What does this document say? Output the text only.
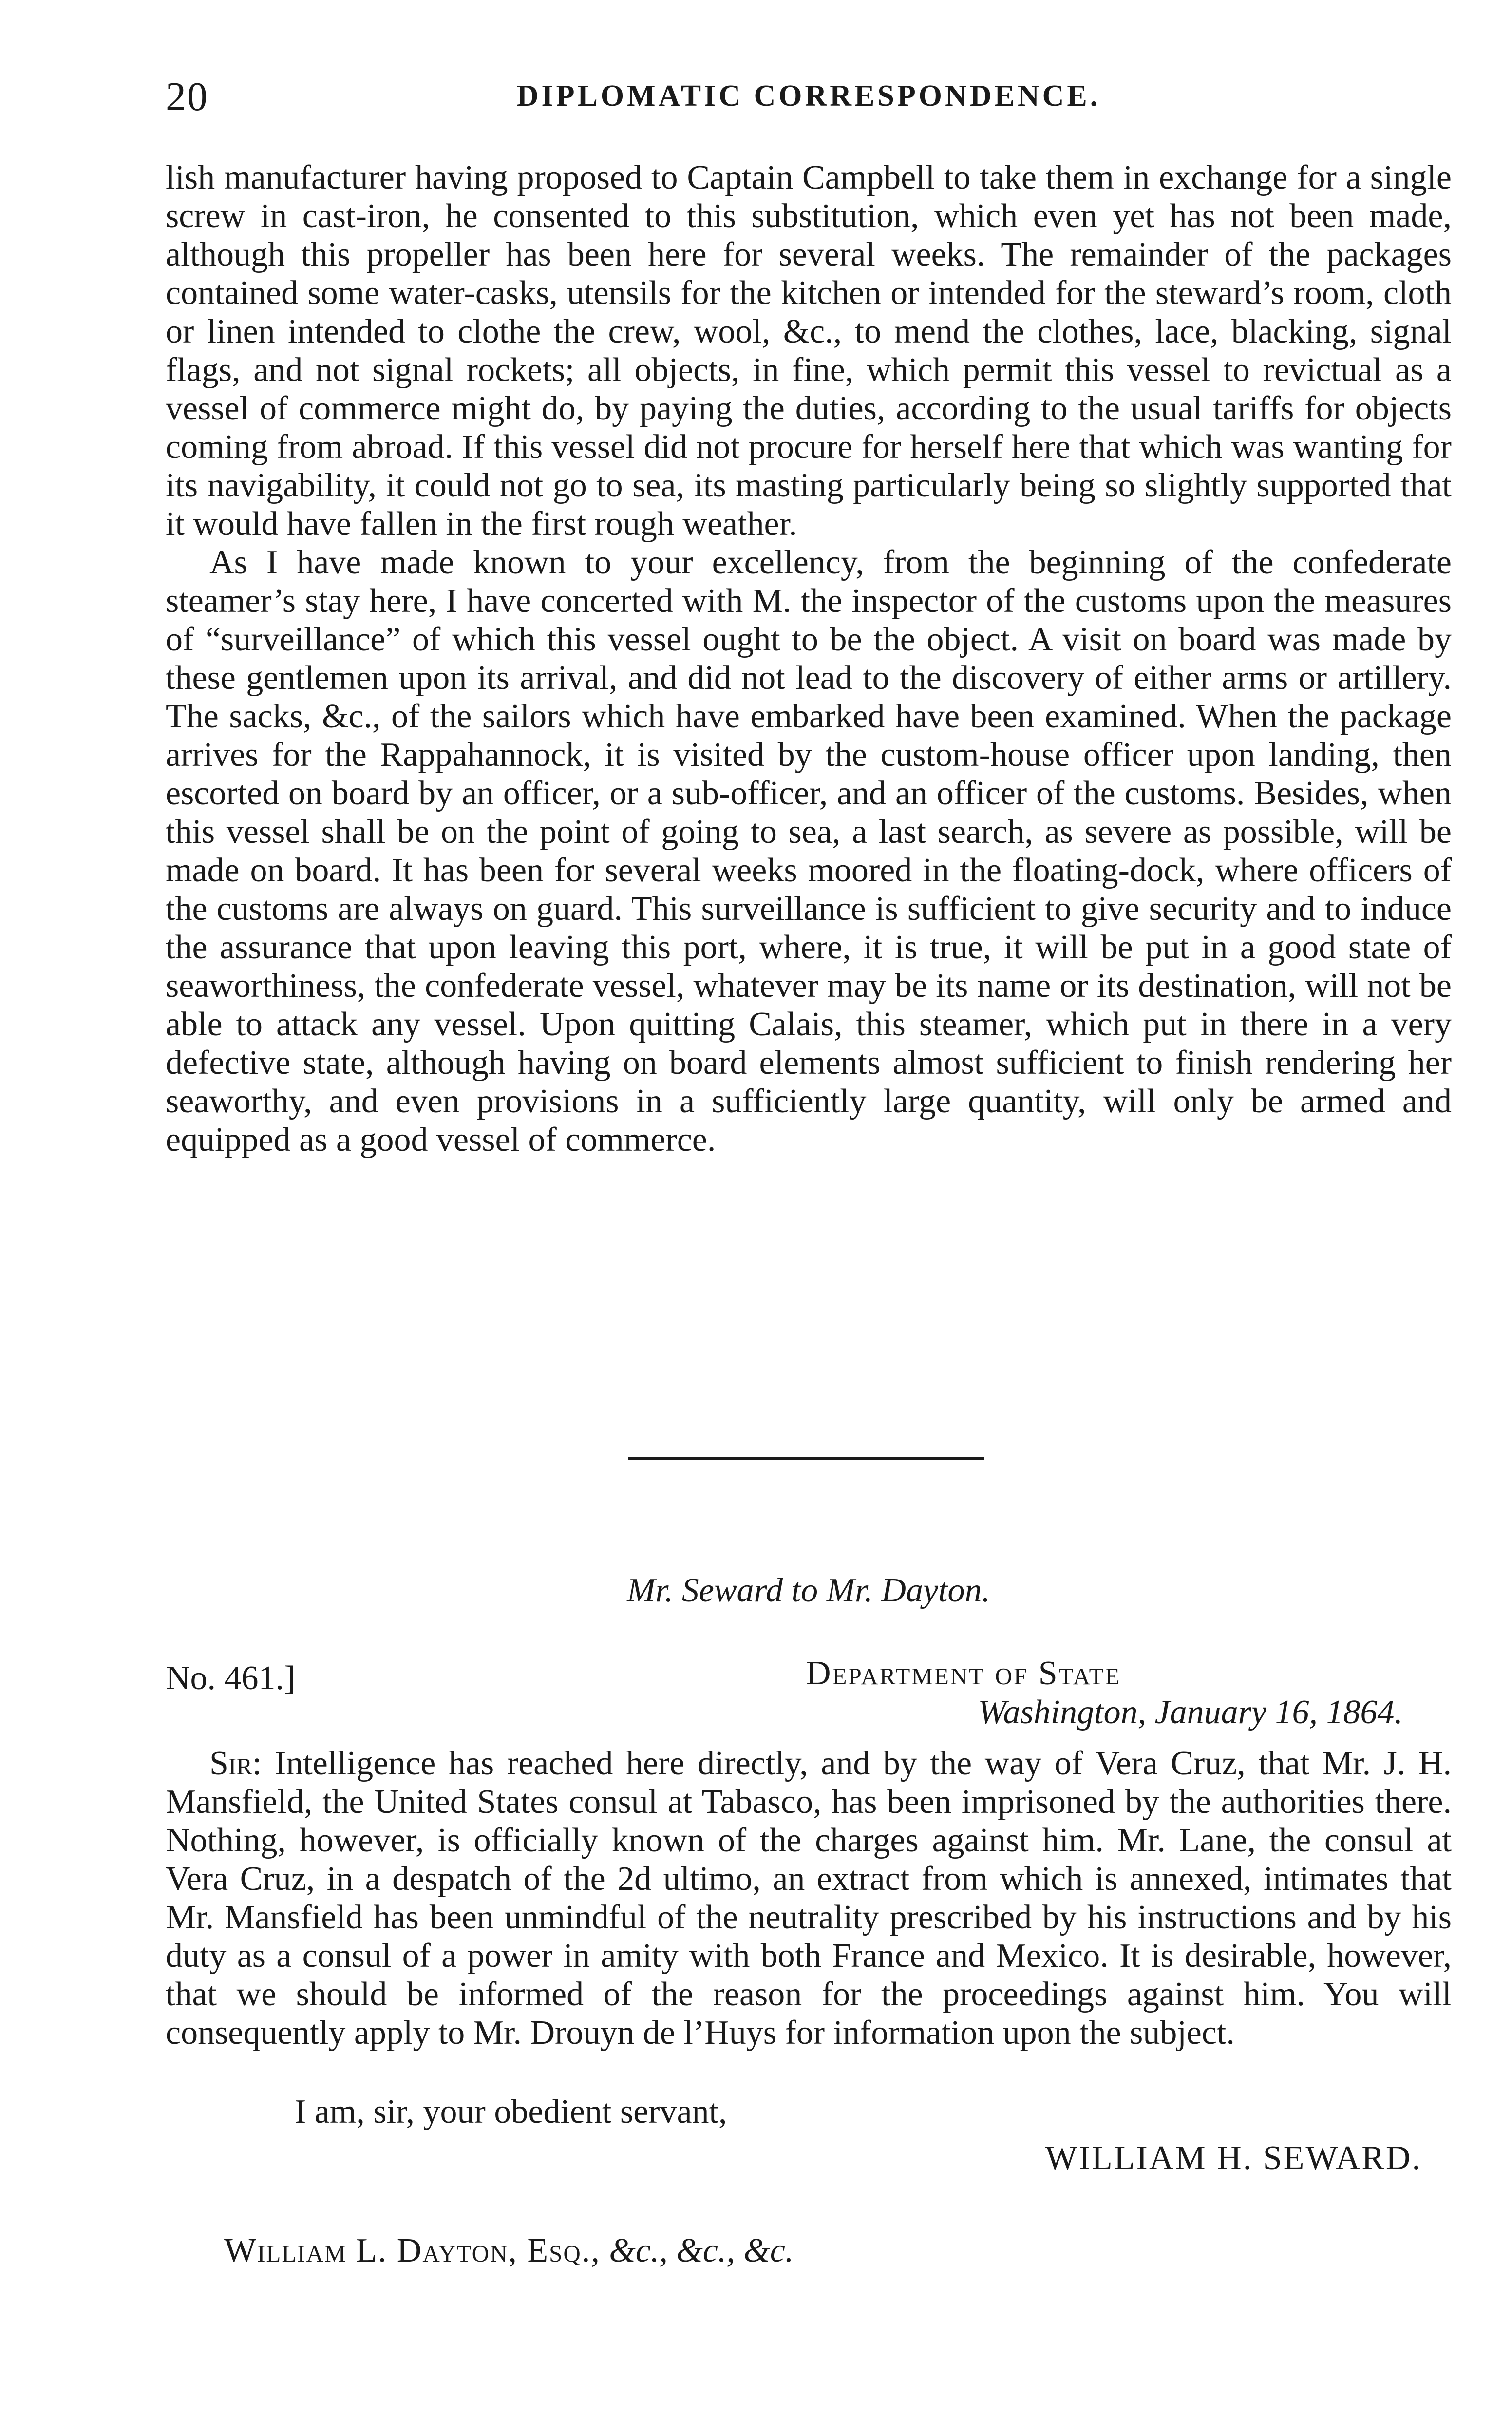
20	DIPLOMATIC CORRESPONDENCE.

lish manufacturer having proposed to Captain Campbell to take them in exchange for a single screw in cast-iron, he consented to this substitution, which even yet has not been made, although this propeller has been here for several weeks. The remainder of the packages contained some water-casks, utensils for the kitchen or intended for the steward’s room, cloth or linen intended to clothe the crew, wool, &c., to mend the clothes, lace, blacking, signal flags, and not signal rockets; all objects, in fine, which permit this vessel to revictual as a vessel of commerce might do, by paying the duties, according to the usual tariffs for objects coming from abroad. If this vessel did not procure for herself here that which was wanting for its navigability, it could not go to sea, its masting particularly being so slightly supported that it would have fallen in the first rough weather.

As I have made known to your excellency, from the beginning of the confederate steamer’s stay here, I have concerted with M. the inspector of the customs upon the measures of “surveillance” of which this vessel ought to be the object. A visit on board was made by these gentlemen upon its arrival, and did not lead to the discovery of either arms or artillery. The sacks, &c., of the sailors which have embarked have been examined. When the package arrives for the Rappahannock, it is visited by the custom-house officer upon landing, then escorted on board by an officer, or a sub-officer, and an officer of the customs. Besides, when this vessel shall be on the point of going to sea, a last search, as severe as possible, will be made on board. It has been for several weeks moored in the floating-dock, where officers of the customs are always on guard. This surveillance is sufficient to give security and to induce the assurance that upon leaving this port, where, it is true, it will be put in a good state of seaworthiness, the confederate vessel, whatever may be its name or its destination, will not be able to attack any vessel. Upon quitting Calais, this steamer, which put in there in a very defective state, although having on board elements almost sufficient to finish rendering her seaworthy, and even provisions in a sufficiently large quantity, will only be armed and equipped as a good vessel of commerce.

Mr. Seward to Mr. Dayton.
No. 461.]	Department of State
Washington, January 16, 1864.

Sir: Intelligence has reached here directly, and by the way of Vera Cruz, that Mr. J. H. Mansfield, the United States consul at Tabasco, has been imprisoned by the authorities there. Nothing, however, is officially known of the charges against him. Mr. Lane, the consul at Vera Cruz, in a despatch of the 2d ultimo, an extract from which is annexed, intimates that Mr. Mansfield has been unmindful of the neutrality prescribed by his instructions and by his duty as a consul of a power in amity with both France and Mexico. It is desirable, however, that we should be informed of the reason for the proceedings against him. You will consequently apply to Mr. Drouyn de l’Huys for information upon the subject.

I am, sir, your obedient servant,
WILLIAM H. SEWARD.
William L. Dayton, Esq., &c., &c., &c.
